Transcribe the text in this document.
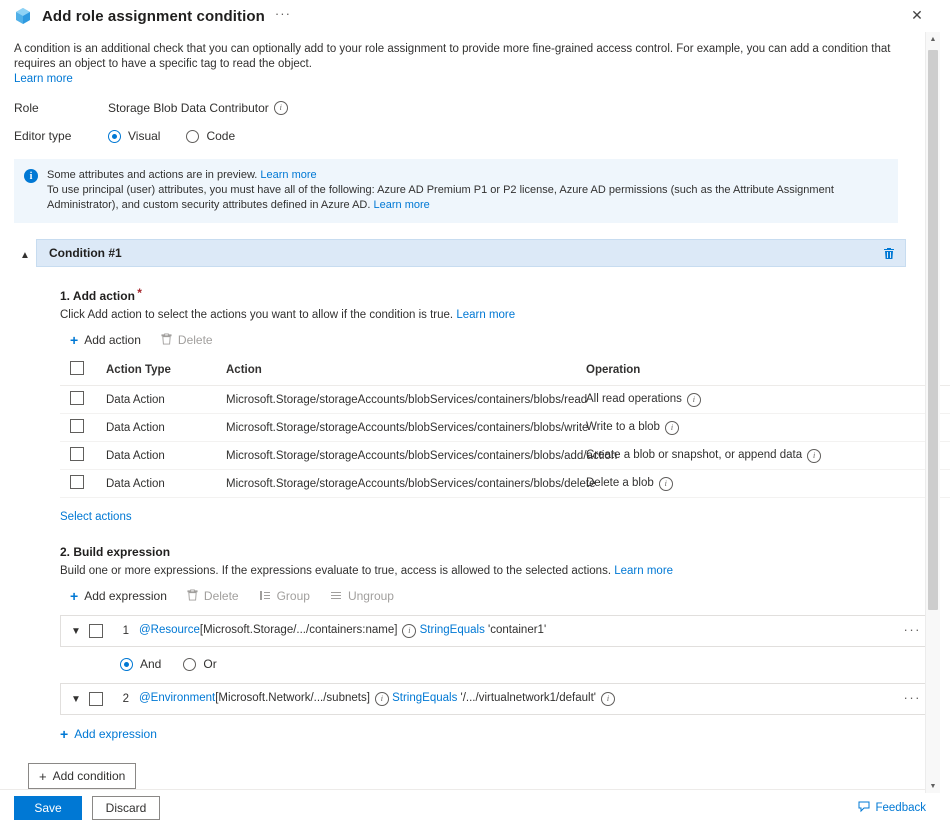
Add role assignment condition ···	✕
A condition is an additional check that you can optionally add to your role assignment to provide more fine-grained access control. For example, you can add a condition that requires an object to have a specific tag to read the object.
Learn more
Role	Storage Blob Data Contributor	i
Editor type	Visual	Code
i	Some attributes and actions are in preview. Learn more
To use principal (user) attributes, you must have all of the following: Azure AD Premium P1 or P2 license, Azure AD permissions (such as the Attribute Assignment Administrator), and custom security attributes defined in Azure AD. Learn more
▲	Condition #1
1. Add action *
Click Add action to select the actions you want to allow if the condition is true. Learn more
+ Add action	Delete
	Action Type	Action	Operation	
	Data Action	Microsoft.Storage/storageAccounts/blobServices/containers/blobs/read	All read operations i	

	Data Action	Microsoft.Storage/storageAccounts/blobServices/containers/blobs/write	Write to a blob i	

	Data Action	Microsoft.Storage/storageAccounts/blobServices/containers/blobs/add/action	Create a blob or snapshot, or append data i	

	Data Action	Microsoft.Storage/storageAccounts/blobServices/containers/blobs/delete	Delete a blob i	
Select actions
2. Build expression
Build one or more expressions. If the expressions evaluate to true, access is allowed to the selected actions. Learn more
+ Add expression	Delete	Group	Ungroup
▼	1 @Resource[Microsoft.Storage/.../containers:name] i StringEquals 'container1'	···
And	Or
▼	2 @Environment[Microsoft.Network/.../subnets] i StringEquals '/.../virtualnetwork1/default' i	···
+ Add expression
+ Add condition
Save	Discard	Feedback
▲
▼
